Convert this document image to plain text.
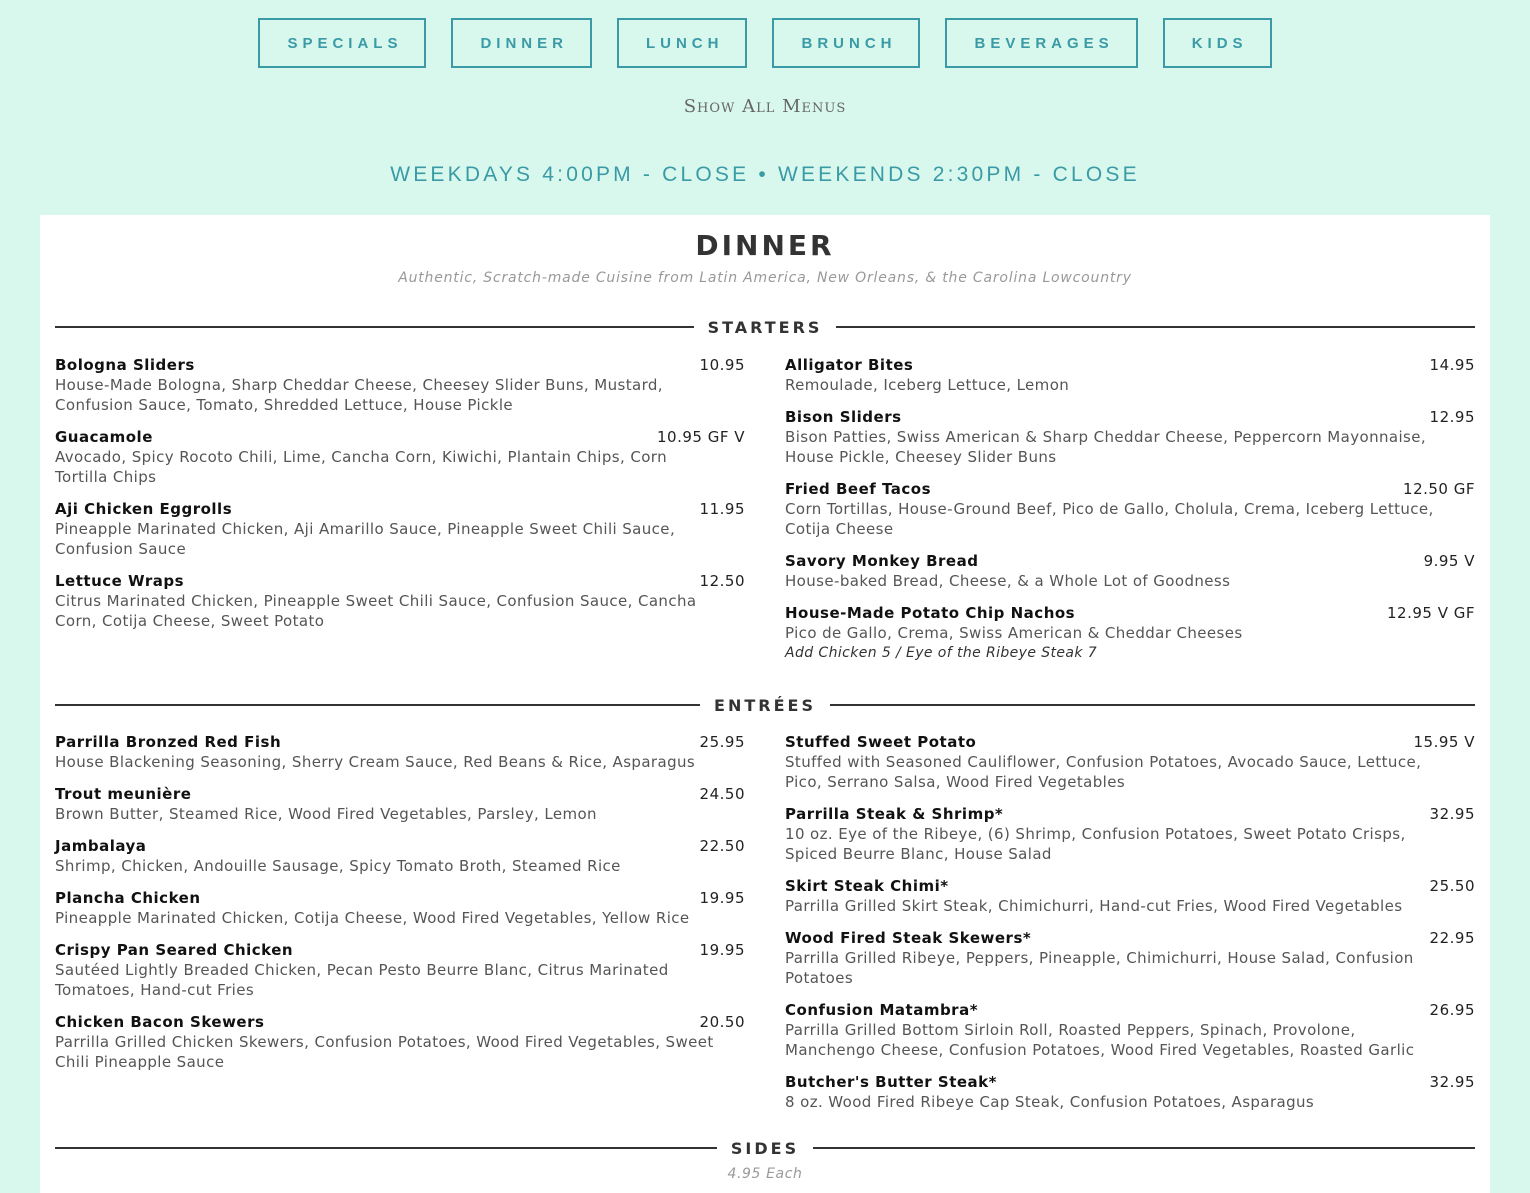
SPECIALS	DINNER	LUNCH	BRUNCH	BEVERAGES	KIDS
Show All Menus
WEEKDAYS 4:00PM - CLOSE • WEEKENDS 2:30PM - CLOSE
DINNER
Authentic, Scratch-made Cuisine from Latin America, New Orleans, & the Carolina Lowcountry
STARTERS
Bologna Sliders	10.95
House-Made Bologna, Sharp Cheddar Cheese, Cheesey Slider Buns, Mustard, Confusion Sauce, Tomato, Shredded Lettuce, House Pickle
Guacamole	10.95 GF V
Avocado, Spicy Rocoto Chili, Lime, Cancha Corn, Kiwichi, Plantain Chips, Corn Tortilla Chips
Aji Chicken Eggrolls	11.95
Pineapple Marinated Chicken, Aji Amarillo Sauce, Pineapple Sweet Chili Sauce, Confusion Sauce
Lettuce Wraps	12.50
Citrus Marinated Chicken, Pineapple Sweet Chili Sauce, Confusion Sauce, Cancha Corn, Cotija Cheese, Sweet Potato
Alligator Bites	14.95
Remoulade, Iceberg Lettuce, Lemon
Bison Sliders	12.95
Bison Patties, Swiss American & Sharp Cheddar Cheese, Peppercorn Mayonnaise, House Pickle, Cheesey Slider Buns
Fried Beef Tacos	12.50 GF
Corn Tortillas, House-Ground Beef, Pico de Gallo, Cholula, Crema, Iceberg Lettuce, Cotija Cheese
Savory Monkey Bread	9.95 V
House-baked Bread, Cheese, & a Whole Lot of Goodness
House-Made Potato Chip Nachos	12.95 V GF
Pico de Gallo, Crema, Swiss American & Cheddar Cheeses
Add Chicken 5 / Eye of the Ribeye Steak 7
ENTRÉES
Parrilla Bronzed Red Fish	25.95
House Blackening Seasoning, Sherry Cream Sauce, Red Beans & Rice, Asparagus
Trout meunière	24.50
Brown Butter, Steamed Rice, Wood Fired Vegetables, Parsley, Lemon
Jambalaya	22.50
Shrimp, Chicken, Andouille Sausage, Spicy Tomato Broth, Steamed Rice
Plancha Chicken	19.95
Pineapple Marinated Chicken, Cotija Cheese, Wood Fired Vegetables, Yellow Rice
Crispy Pan Seared Chicken	19.95
Sautéed Lightly Breaded Chicken, Pecan Pesto Beurre Blanc, Citrus Marinated Tomatoes, Hand-cut Fries
Chicken Bacon Skewers	20.50
Parrilla Grilled Chicken Skewers, Confusion Potatoes, Wood Fired Vegetables, Sweet Chili Pineapple Sauce
Stuffed Sweet Potato	15.95 V
Stuffed with Seasoned Cauliflower, Confusion Potatoes, Avocado Sauce, Lettuce, Pico, Serrano Salsa, Wood Fired Vegetables
Parrilla Steak & Shrimp*	32.95
10 oz. Eye of the Ribeye, (6) Shrimp, Confusion Potatoes, Sweet Potato Crisps, Spiced Beurre Blanc, House Salad
Skirt Steak Chimi*	25.50
Parrilla Grilled Skirt Steak, Chimichurri, Hand-cut Fries, Wood Fired Vegetables
Wood Fired Steak Skewers*	22.95
Parrilla Grilled Ribeye, Peppers, Pineapple, Chimichurri, House Salad, Confusion Potatoes
Confusion Matambra*	26.95
Parrilla Grilled Bottom Sirloin Roll, Roasted Peppers, Spinach, Provolone, Manchengo Cheese, Confusion Potatoes, Wood Fired Vegetables, Roasted Garlic
Butcher's Butter Steak*	32.95
8 oz. Wood Fired Ribeye Cap Steak, Confusion Potatoes, Asparagus
SIDES
4.95 Each
